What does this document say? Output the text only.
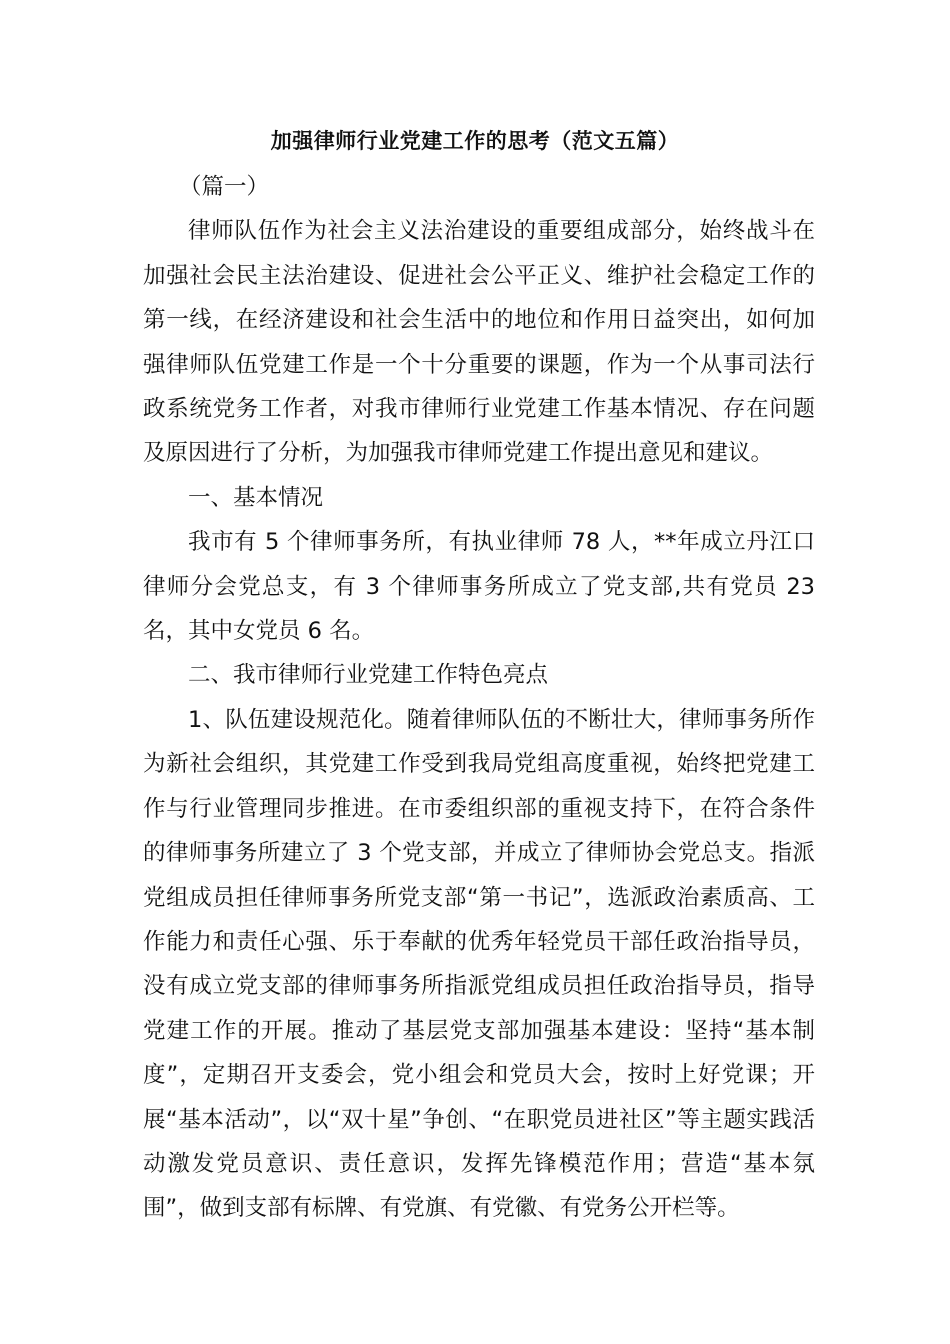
加强律师行业党建工作的思考（范文五篇）

（篇一）

律师队伍作为社会主义法治建设的重要组成部分，始终战斗在加强社会民主法治建设、促进社会公平正义、维护社会稳定工作的第一线，在经济建设和社会生活中的地位和作用日益突出，如何加强律师队伍党建工作是一个十分重要的课题，作为一个从事司法行政系统党务工作者，对我市律师行业党建工作基本情况、存在问题及原因进行了分析，为加强我市律师党建工作提出意见和建议。

一、基本情况

我市有 5 个律师事务所，有执业律师 78 人，**年成立丹江口律师分会党总支，有 3 个律师事务所成立了党支部,共有党员 23 名，其中女党员 6 名。

二、我市律师行业党建工作特色亮点

1、队伍建设规范化。随着律师队伍的不断壮大，律师事务所作为新社会组织，其党建工作受到我局党组高度重视，始终把党建工作与行业管理同步推进。在市委组织部的重视支持下，在符合条件的律师事务所建立了 3 个党支部，并成立了律师协会党总支。指派党组成员担任律师事务所党支部“第一书记”，选派政治素质高、工作能力和责任心强、乐于奉献的优秀年轻党员干部任政治指导员，没有成立党支部的律师事务所指派党组成员担任政治指导员，指导党建工作的开展。推动了基层党支部加强基本建设：坚持“基本制度”，定期召开支委会，党小组会和党员大会，按时上好党课；开展“基本活动”，以“双十星”争创、“在职党员进社区”等主题实践活动激发党员意识、责任意识，发挥先锋模范作用；营造“基本氛围”，做到支部有标牌、有党旗、有党徽、有党务公开栏等。
